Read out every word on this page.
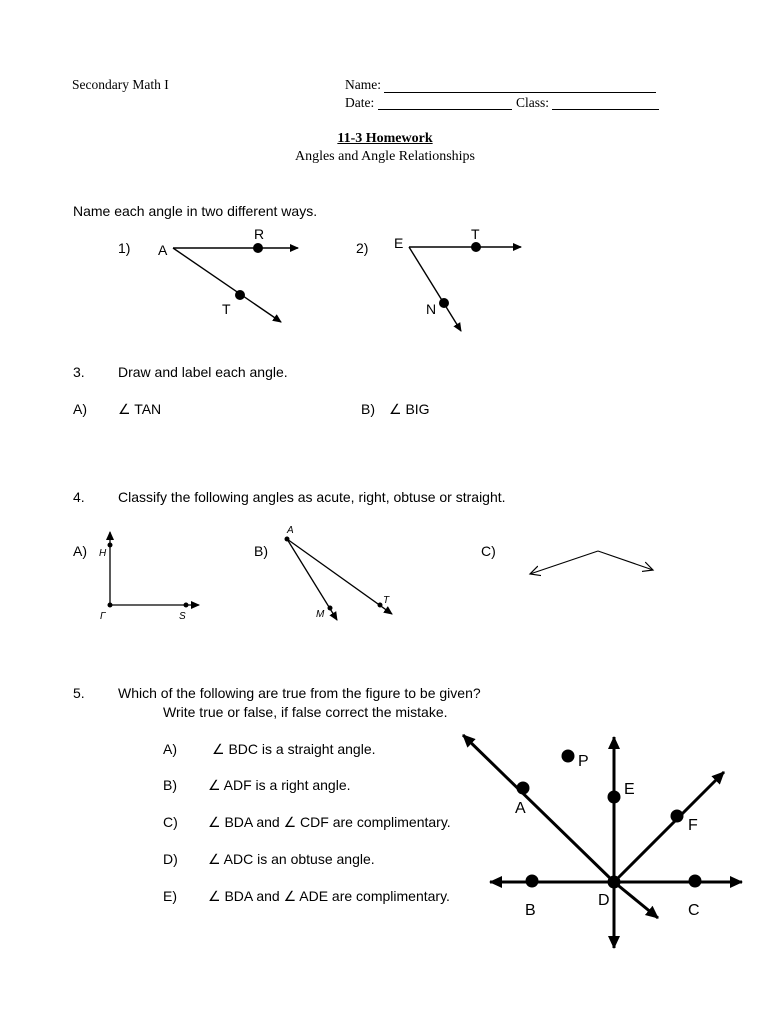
Secondary Math I	Name:
Date:	Class:
11-3 Homework
Angles and Angle Relationships
Name each angle in two different ways.
1) A
R
T
2) E
T
N
3. Draw and label each angle.
A) ∠ TAN	B) ∠ BIG
4. Classify the following angles as acute, right, obtuse or straight.
A)	B)	C)
H
Γ	S
A
M
T
5. Which of the following are true from the figure to be given?
Write true or false, if false correct the mistake.
A)	∠ BDC is a straight angle.
B) ∠ ADF is a right angle.
C) ∠ BDA and ∠ CDF are complimentary.
D) ∠ ADC is an obtuse angle.
E) ∠ BDA and ∠ ADE are complimentary.
P
E
A
F
B
D
C
